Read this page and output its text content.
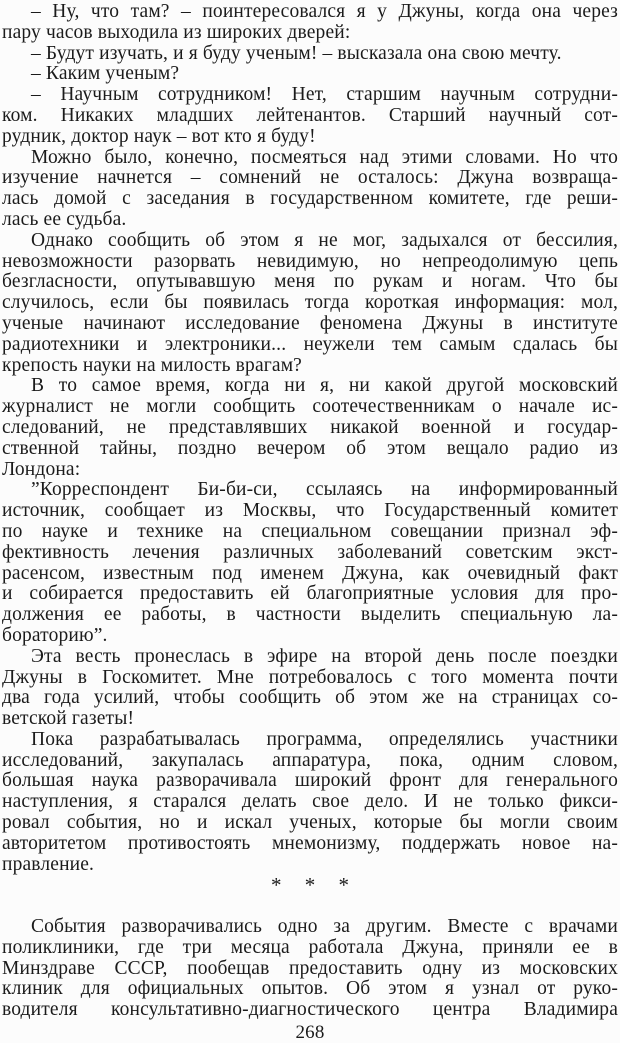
– Ну, что там? – поинтересовался я у Джуны, когда она через
пару часов выходила из широких дверей:
– Будут изучать, и я буду ученым! – высказала она свою мечту.
– Каким ученым?
– Научным сотрудником! Нет, старшим научным сотрудни-
ком. Никаких младших лейтенантов. Старший научный сот-
рудник, доктор наук – вот кто я буду!
Можно было, конечно, посмеяться над этими словами. Но что
изучение начнется – сомнений не осталось: Джуна возвраща-
лась домой с заседания в государственном комитете, где реши-
лась ее судьба.
Однако сообщить об этом я не мог, задыхался от бессилия,
невозможности разорвать невидимую, но непреодолимую цепь
безгласности, опутывавшую меня по рукам и ногам. Что бы
случилось, если бы появилась тогда короткая информация: мол,
ученые начинают исследование феномена Джуны в институте
радиотехники и электроники... неужели тем самым сдалась бы
крепость науки на милость врагам?
В то самое время, когда ни я, ни какой другой московский
журналист не могли сообщить соотечественникам о начале ис-
следований, не представлявших никакой военной и государ-
ственной тайны, поздно вечером об этом вещало радио из
Лондона:
”Корреспондент Би-би-си, ссылаясь на информированный
источник, сообщает из Москвы, что Государственный комитет
по науке и технике на специальном совещании признал эф-
фективность лечения различных заболеваний советским экст-
расенсом, известным под именем Джуна, как очевидный факт
и собирается предоставить ей благоприятные условия для про-
должения ее работы, в частности выделить специальную ла-
бораторию”.
Эта весть пронеслась в эфире на второй день после поездки
Джуны в Госкомитет. Мне потребовалось с того момента почти
два года усилий, чтобы сообщить об этом же на страницах со-
ветской газеты!
Пока разрабатывалась программа, определялись участники
исследований, закупалась аппаратура, пока, одним словом,
большая наука разворачивала широкий фронт для генерального
наступления, я старался делать свое дело. И не только фикси-
ровал события, но и искал ученых, которые бы могли своим
авторитетом противостоять мнемонизму, поддержать новое на-
правление.
* * *
События разворачивались одно за другим. Вместе с врачами
поликлиники, где три месяца работала Джуна, приняли ее в
Минздраве СССР, пообещав предоставить одну из московских
клиник для официальных опытов. Об этом я узнал от руко-
водителя консультативно-диагностического центра Владимира
268
